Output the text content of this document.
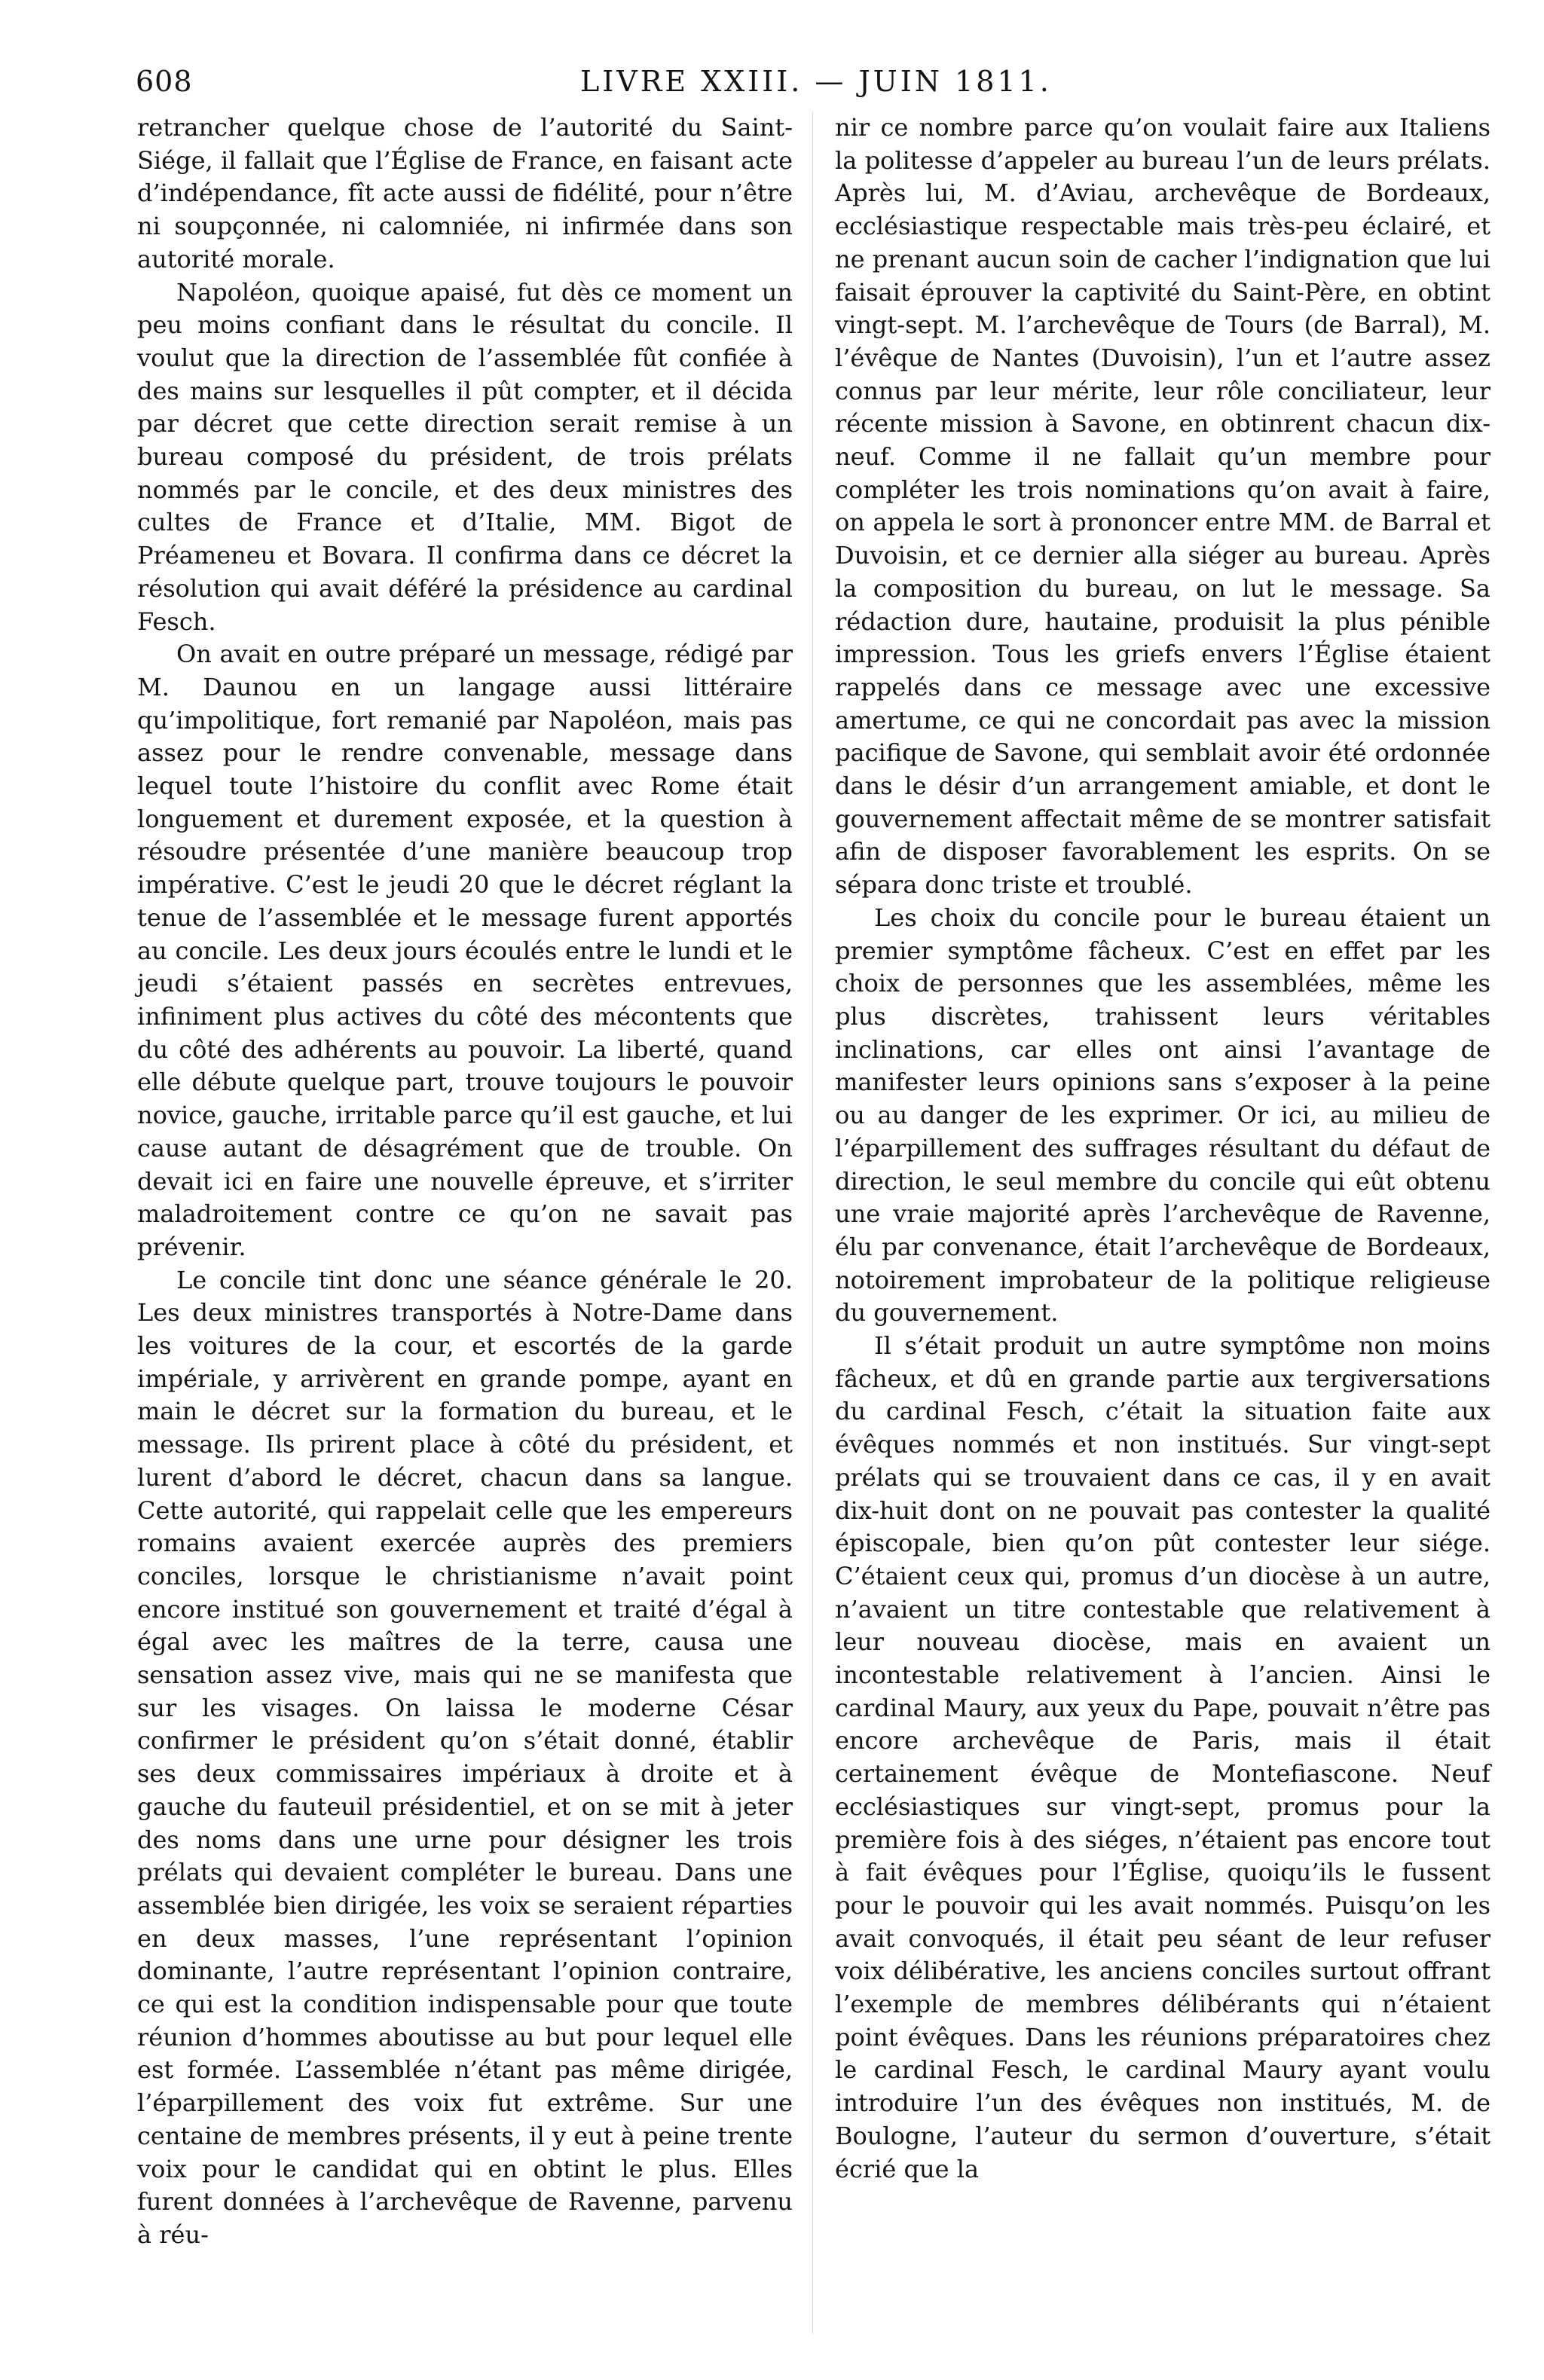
608	LIVRE XXIII. — JUIN 1811.

retrancher quelque chose de l’autorité du Saint-Siége, il fallait que l’Église de France, en faisant acte d’indépendance, fît acte aussi de fidélité, pour n’être ni soupçonnée, ni calomniée, ni infirmée dans son autorité morale.

Napoléon, quoique apaisé, fut dès ce moment un peu moins confiant dans le résultat du concile. Il voulut que la direction de l’assemblée fût confiée à des mains sur lesquelles il pût compter, et il décida par décret que cette direction serait remise à un bureau composé du président, de trois prélats nommés par le concile, et des deux ministres des cultes de France et d’Italie, MM. Bigot de Préameneu et Bovara. Il confirma dans ce décret la résolution qui avait déféré la présidence au cardinal Fesch.

On avait en outre préparé un message, rédigé par M. Daunou en un langage aussi littéraire qu’impolitique, fort remanié par Napoléon, mais pas assez pour le rendre convenable, message dans lequel toute l’histoire du conflit avec Rome était longuement et durement exposée, et la question à résoudre présentée d’une manière beaucoup trop impérative. C’est le jeudi 20 que le décret réglant la tenue de l’assemblée et le message furent apportés au concile. Les deux jours écoulés entre le lundi et le jeudi s’étaient passés en secrètes entrevues, infiniment plus actives du côté des mécontents que du côté des adhérents au pouvoir. La liberté, quand elle débute quelque part, trouve toujours le pouvoir novice, gauche, irritable parce qu’il est gauche, et lui cause autant de désagrément que de trouble. On devait ici en faire une nouvelle épreuve, et s’irriter maladroitement contre ce qu’on ne savait pas prévenir.

Le concile tint donc une séance générale le 20. Les deux ministres transportés à Notre-Dame dans les voitures de la cour, et escortés de la garde impériale, y arrivèrent en grande pompe, ayant en main le décret sur la formation du bureau, et le message. Ils prirent place à côté du président, et lurent d’abord le décret, chacun dans sa langue. Cette autorité, qui rappelait celle que les empereurs romains avaient exercée auprès des premiers conciles, lorsque le christianisme n’avait point encore institué son gouvernement et traité d’égal à égal avec les maîtres de la terre, causa une sensation assez vive, mais qui ne se manifesta que sur les visages. On laissa le moderne César confirmer le président qu’on s’était donné, établir ses deux commissaires impériaux à droite et à gauche du fauteuil présidentiel, et on se mit à jeter des noms dans une urne pour désigner les trois prélats qui devaient compléter le bureau. Dans une assemblée bien dirigée, les voix se seraient réparties en deux masses, l’une représentant l’opinion dominante, l’autre représentant l’opinion contraire, ce qui est la condition indispensable pour que toute réunion d’hommes aboutisse au but pour lequel elle est formée. L’assemblée n’étant pas même dirigée, l’éparpillement des voix fut extrême. Sur une centaine de membres présents, il y eut à peine trente voix pour le candidat qui en obtint le plus. Elles furent données à l’archevêque de Ravenne, parvenu à réu-

nir ce nombre parce qu’on voulait faire aux Italiens la politesse d’appeler au bureau l’un de leurs prélats. Après lui, M. d’Aviau, archevêque de Bordeaux, ecclésiastique respectable mais très-peu éclairé, et ne prenant aucun soin de cacher l’indignation que lui faisait éprouver la captivité du Saint-Père, en obtint vingt-sept. M. l’archevêque de Tours (de Barral), M. l’évêque de Nantes (Duvoisin), l’un et l’autre assez connus par leur mérite, leur rôle conciliateur, leur récente mission à Savone, en obtinrent chacun dix-neuf. Comme il ne fallait qu’un membre pour compléter les trois nominations qu’on avait à faire, on appela le sort à prononcer entre MM. de Barral et Duvoisin, et ce dernier alla siéger au bureau. Après la composition du bureau, on lut le message. Sa rédaction dure, hautaine, produisit la plus pénible impression. Tous les griefs envers l’Église étaient rappelés dans ce message avec une excessive amertume, ce qui ne concordait pas avec la mission pacifique de Savone, qui semblait avoir été ordonnée dans le désir d’un arrangement amiable, et dont le gouvernement affectait même de se montrer satisfait afin de disposer favorablement les esprits. On se sépara donc triste et troublé.

Les choix du concile pour le bureau étaient un premier symptôme fâcheux. C’est en effet par les choix de personnes que les assemblées, même les plus discrètes, trahissent leurs véritables inclinations, car elles ont ainsi l’avantage de manifester leurs opinions sans s’exposer à la peine ou au danger de les exprimer. Or ici, au milieu de l’éparpillement des suffrages résultant du défaut de direction, le seul membre du concile qui eût obtenu une vraie majorité après l’archevêque de Ravenne, élu par convenance, était l’archevêque de Bordeaux, notoirement improbateur de la politique religieuse du gouvernement.

Il s’était produit un autre symptôme non moins fâcheux, et dû en grande partie aux tergiversations du cardinal Fesch, c’était la situation faite aux évêques nommés et non institués. Sur vingt-sept prélats qui se trouvaient dans ce cas, il y en avait dix-huit dont on ne pouvait pas contester la qualité épiscopale, bien qu’on pût contester leur siége. C’étaient ceux qui, promus d’un diocèse à un autre, n’avaient un titre contestable que relativement à leur nouveau diocèse, mais en avaient un incontestable relativement à l’ancien. Ainsi le cardinal Maury, aux yeux du Pape, pouvait n’être pas encore archevêque de Paris, mais il était certainement évêque de Montefiascone. Neuf ecclésiastiques sur vingt-sept, promus pour la première fois à des siéges, n’étaient pas encore tout à fait évêques pour l’Église, quoiqu’ils le fussent pour le pouvoir qui les avait nommés. Puisqu’on les avait convoqués, il était peu séant de leur refuser voix délibérative, les anciens conciles surtout offrant l’exemple de membres délibérants qui n’étaient point évêques. Dans les réunions préparatoires chez le cardinal Fesch, le cardinal Maury ayant voulu introduire l’un des évêques non institués, M. de Boulogne, l’auteur du sermon d’ouverture, s’était écrié que la
